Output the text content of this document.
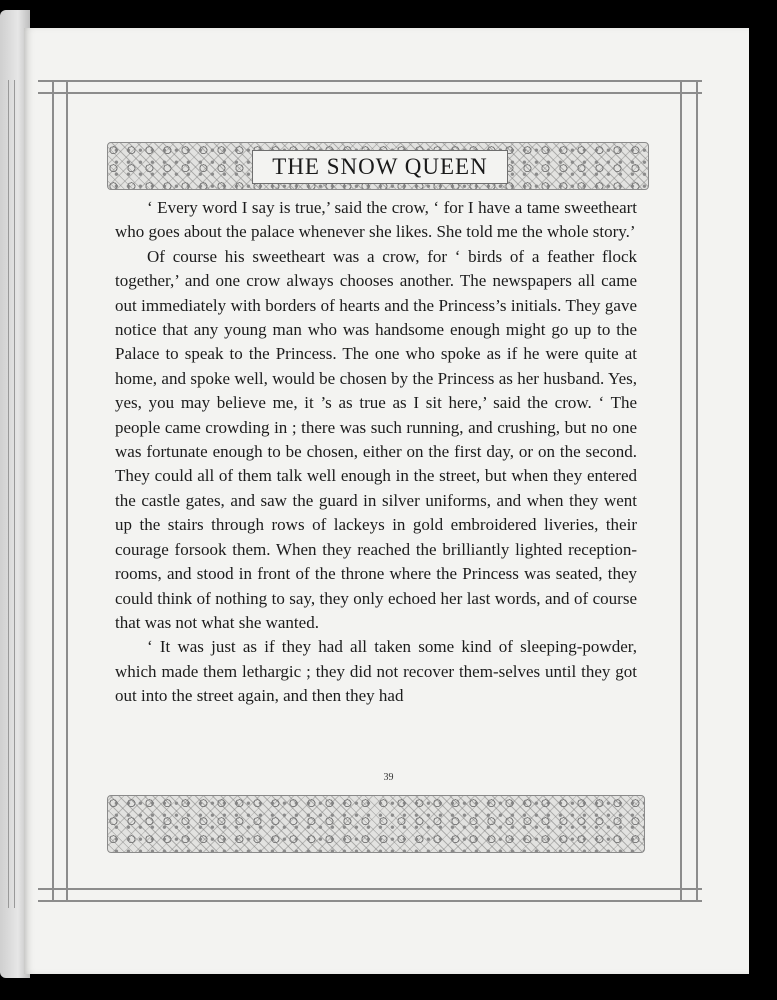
THE SNOW QUEEN

‘ Every word I say is true,’ said the crow, ‘ for I have a tame sweetheart who goes about the palace whenever she likes. She told me the whole story.’

Of course his sweetheart was a crow, for ‘ birds of a feather flock together,’ and one crow always chooses another. The newspapers all came out immediately with borders of hearts and the Princess’s initials. They gave notice that any young man who was handsome enough might go up to the Palace to speak to the Princess. The one who spoke as if he were quite at home, and spoke well, would be chosen by the Princess as her husband. Yes, yes, you may believe me, it ’s as true as I sit here,’ said the crow. ‘ The people came crowding in ; there was such running, and crushing, but no one was fortunate enough to be chosen, either on the first day, or on the second. They could all of them talk well enough in the street, but when they entered the castle gates, and saw the guard in silver uniforms, and when they went up the stairs through rows of lackeys in gold embroidered liveries, their courage forsook them. When they reached the brilliantly lighted reception-rooms, and stood in front of the throne where the Princess was seated, they could think of nothing to say, they only echoed her last words, and of course that was not what she wanted.

‘ It was just as if they had all taken some kind of sleeping-powder, which made them lethargic ; they did not recover them-selves until they got out into the street again, and then they had

39
